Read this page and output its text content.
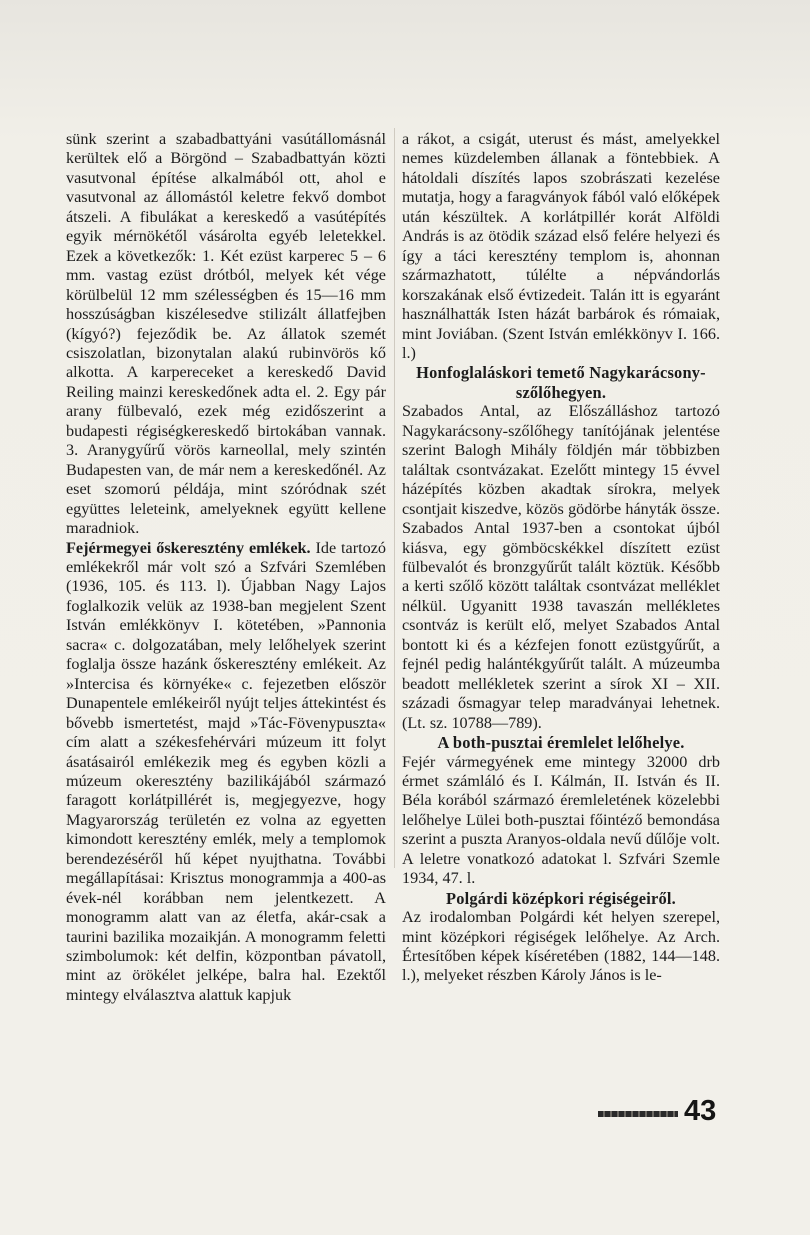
sünk szerint a szabadbattyáni vasútállomásnál kerültek elő a Börgönd – Szabadbattyán közti vasutvonal építése alkalmából ott, ahol e vasutvonal az állomástól keletre fekvő dombot átszeli. A fibulákat a kereskedő a vasútépítés egyik mérnökétől vásárolta egyéb leletekkel. Ezek a következők: 1. Két ezüst karperec 5 – 6 mm. vastag ezüst drótból, melyek két vége körülbelül 12 mm szélességben és 15—16 mm hosszúságban kiszélesedve stilizált állatfejben (kígyó?) fejeződik be. Az állatok szemét csiszolatlan, bizonytalan alakú rubinvörös kő alkotta. A karpereceket a kereskedő David Reiling mainzi kereskedőnek adta el. 2. Egy pár arany fülbevaló, ezek még ezidőszerint a budapesti régiségkereskedő birtokában vannak. 3. Aranygyűrű vörös karneollal, mely szintén Budapesten van, de már nem a kereskedőnél. Az eset szomorú példája, mint szóródnak szét együttes leleteink, amelyeknek együtt kellene maradniok.

Fejérmegyei őskeresztény emlékek. Ide tartozó emlékekről már volt szó a Szfvári Szemlében (1936, 105. és 113. l). Újabban Nagy Lajos foglalkozik velük az 1938-ban megjelent Szent István emlékkönyv I. kötetében, »Pannonia sacra« c. dolgozatában, mely lelőhelyek szerint foglalja össze hazánk őskeresztény emlékeit. Az »Intercisa és környéke« c. fejezetben először Dunapentele emlékeiről nyújt teljes áttekintést és bővebb ismertetést, majd »Tác-Fövenypuszta« cím alatt a székesfehérvári múzeum itt folyt ásatásairól emlékezik meg és egyben közli a múzeum okeresztény bazilikájából származó faragott korlátpillérét is, megjegyezve, hogy Magyarország területén ez volna az egyetten kimondott keresztény emlék, mely a templomok berendezéséről hű képet nyujthatna. További megállapításai: Krisztus monogrammja a 400-as évek-nél korábban nem jelentkezett. A monogramm alatt van az életfa, akár-csak a taurini bazilika mozaikján. A monogramm feletti szimbolumok: két delfin, központban pávatoll, mint az örökélet jelképe, balra hal. Ezektől mintegy elválasztva alattuk kapjuk

a rákot, a csigát, uterust és mást, amelyekkel nemes küzdelemben állanak a föntebbiek. A hátoldali díszítés lapos szobrászati kezelése mutatja, hogy a faragványok fából való előképek után készültek. A korlátpillér korát Alföldi András is az ötödik század első felére helyezi és így a táci keresztény templom is, ahonnan származhatott, túlélte a népvándorlás korszakának első évtizedeit. Talán itt is egyaránt használhatták Isten házát barbárok és rómaiak, mint Joviában. (Szent István emlékkönyv I. 166. l.)

Honfoglaláskori temető Nagykarácsony-szőlőhegyen.

Szabados Antal, az Előszálláshoz tartozó Nagykarácsony-szőlőhegy tanítójának jelentése szerint Balogh Mihály földjén már többizben találtak csontvázakat. Ezelőtt mintegy 15 évvel házépítés közben akadtak sírokra, melyek csontjait kiszedve, közös gödörbe hányták össze. Szabados Antal 1937-ben a csontokat újból kiásva, egy gömböcskékkel díszített ezüst fülbevalót és bronzgyűrűt talált köztük. Később a kerti szőlő között találtak csontvázat melléklet nélkül. Ugyanitt 1938 tavaszán mellékletes csontváz is került elő, melyet Szabados Antal bontott ki és a kézfejen fonott ezüstgyűrűt, a fejnél pedig halántékgyűrűt talált. A múzeumba beadott mellékletek szerint a sírok XI – XII. századi ősmagyar telep maradványai lehetnek. (Lt. sz. 10788—789).

A both-pusztai éremlelet lelőhelye.

Fejér vármegyének eme mintegy 32000 drb érmet számláló és I. Kálmán, II. István és II. Béla korából származó éremleletének közelebbi lelőhelye Lülei both-pusztai főintéző bemondása szerint a puszta Aranyos-oldala nevű dűlője volt. A leletre vonatkozó adatokat l. Szfvári Szemle 1934, 47. l.

Polgárdi középkori régiségeiről.

Az irodalomban Polgárdi két helyen szerepel, mint középkori régiségek lelőhelye. Az Arch. Értesítőben képek kíséretében (1882, 144—148. l.), melyeket részben Károly János is le-

43
